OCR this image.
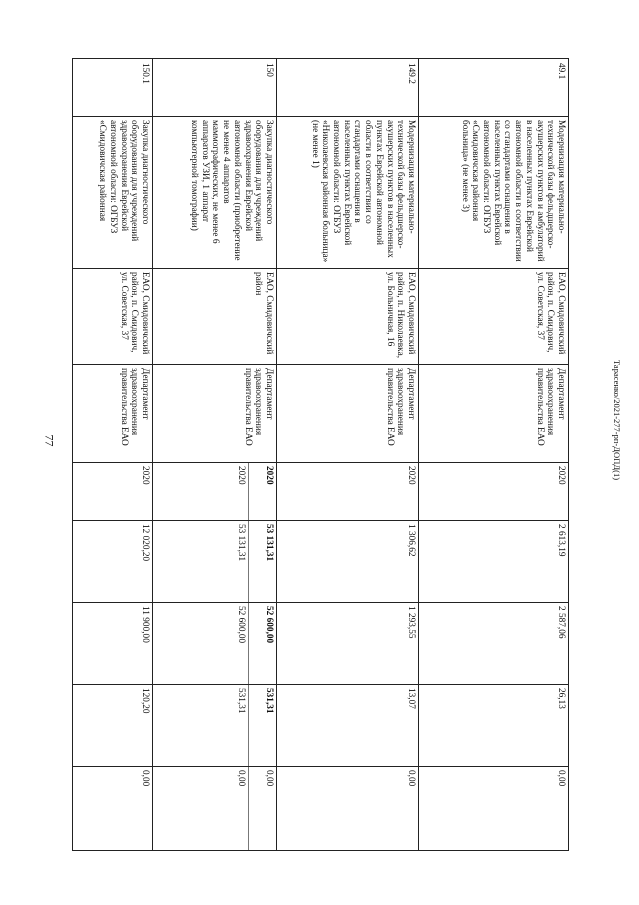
77	Тарасенко/2021-277-рп-ДОПД(1)
49.1	Модернизация материально-технической базы фельдшерско-акушерских пунктов и амбулаторий в населенных пунктах Еврейской автономной области в соответствии со стандартами оснащения в населенных пунктах Еврейской автономной области: ОГБУЗ «Смидовичская районная больница» (не менее 3)	ЕАО, Смидовичский район, п. Смидович, ул. Советская, 37	Департамент здравоохранения правительства ЕАО	2020	2 613,19	2 587,06	26,13	0,00
149.2	Модернизация материально-технической базы фельдшерско-акушерских пунктов в населенных пунктах Еврейской автономной области в соответствии со стандартами оснащения в населенных пунктах Еврейской автономной области: ОГБУЗ «Николаевская районная больница» (не менее 1)	ЕАО, Смидовичский район, п. Николаевка, ул. Больничная, 16	Департамент здравоохранения правительства ЕАО	2020	1 306,62	1 293,55	13,07	0,00
150	Закупка диагностического оборудования для учреждений здравоохранения Еврейской автономной области (приобретение не менее 4 аппаратов маммографических, не менее 6 аппаратов УЗИ, 1 аппарат компьютерной томографии)	ЕАО, Смидовичский район	Департамент здравоохранения правительства ЕАО	2020	53 131,31	52 600,00	531,31	0,00
				2020	53 131,31	52 600,00	531,31	0,00
150.1	Закупка диагностического оборудования для учреждений здравоохранения Еврейской автономной области: ОГБУЗ «Смидовичская районная	ЕАО, Смидовичский район, п. Смидович, ул. Советская, 37	Департамент здравоохранения правительства ЕАО	2020	12 020,20	11 900,00	120,20	0,00
